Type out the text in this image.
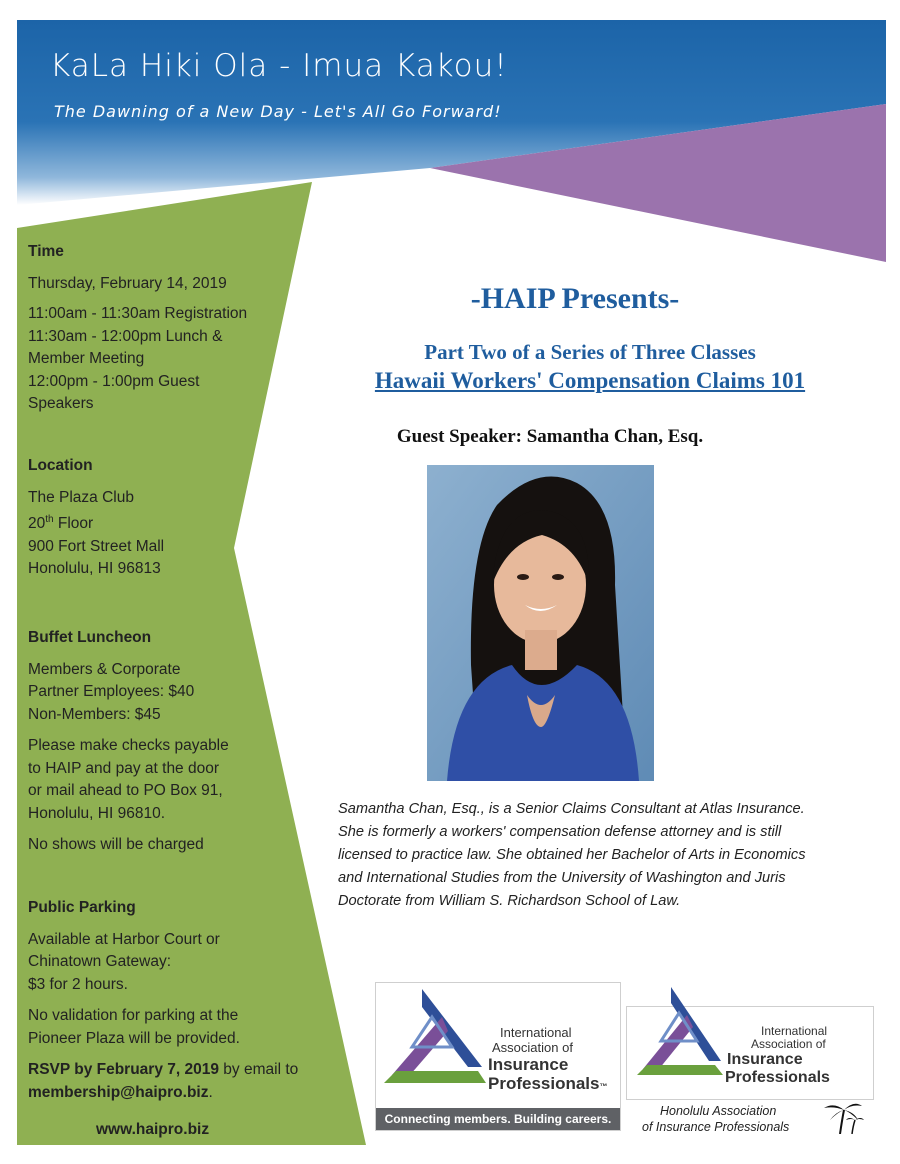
KaLa Hiki Ola - Imua Kakou!
The Dawning of a New Day - Let's All Go Forward!

Time

Thursday, February 14, 2019

11:00am - 11:30am Registration

11:30am - 12:00pm Lunch &

Member Meeting

12:00pm - 1:00pm Guest

Speakers

Location

The Plaza Club

20th Floor

900 Fort Street Mall

Honolulu, HI 96813

Buffet Luncheon

Members & Corporate

Partner Employees: $40

Non-Members: $45

Please make checks payable

to HAIP and pay at the door

or mail ahead to PO Box 91,

Honolulu, HI 96810.

No shows will be charged

Public Parking

Available at Harbor Court or

Chinatown Gateway:

$3 for 2 hours.

No validation for parking at the

Pioneer Plaza will be provided.

RSVP by February 7, 2019 by email to

membership@haipro.biz.

www.haipro.biz

-HAIP Presents-
Part Two of a Series of Three Classes
Hawaii Workers' Compensation Claims 101
Guest Speaker: Samantha Chan, Esq.
Samantha Chan, Esq., is a Senior Claims Consultant at Atlas Insurance.
She is formerly a workers' compensation defense attorney and is still
licensed to practice law. She obtained her Bachelor of Arts in Economics
and International Studies from the University of Washington and Juris
Doctorate from William S. Richardson School of Law.
International
Association of
Insurance
Professionals™
Connecting members. Building careers.
International
Association of
Insurance
Professionals
Honolulu Association
of Insurance Professionals
